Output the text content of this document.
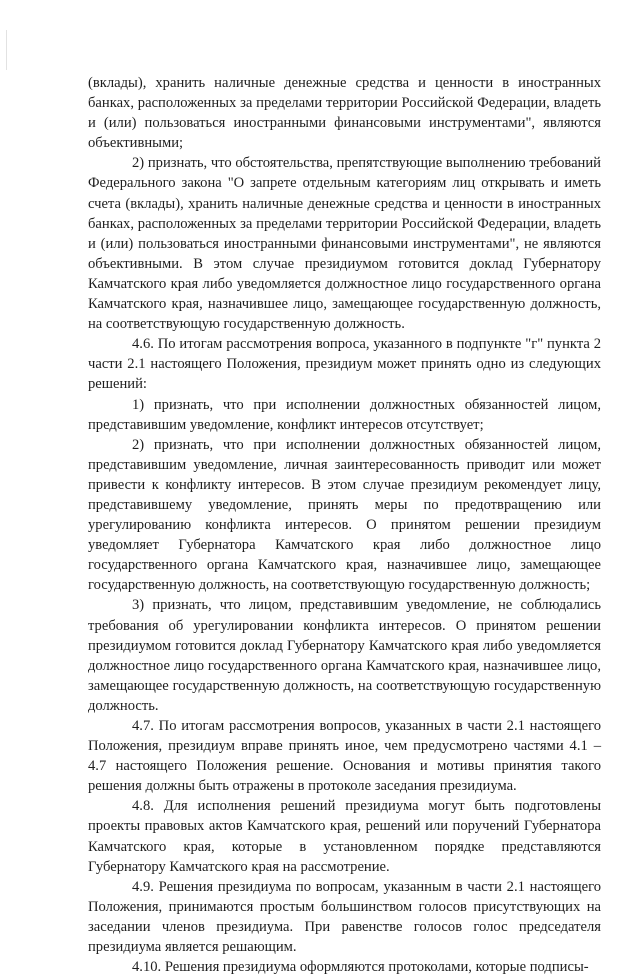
(вклады), хранить наличные денежные средства и ценности в иностранных банках, расположенных за пределами территории Российской Федерации, владеть и (или) пользоваться иностранными финансовыми инструментами", являются объективными;

2) признать, что обстоятельства, препятствующие выполнению требований Федерального закона "О запрете отдельным категориям лиц открывать и иметь счета (вклады), хранить наличные денежные средства и ценности в иностранных банках, расположенных за пределами территории Российской Федерации, владеть и (или) пользоваться иностранными финансовыми инструментами", не являются объективными. В этом случае президиумом готовится доклад Губернатору Камчатского края либо уведомляется должностное лицо государственного органа Камчатского края, назначившее лицо, замещающее государственную должность, на соответствующую государственную должность.

4.6. По итогам рассмотрения вопроса, указанного в подпункте "г" пункта 2 части 2.1 настоящего Положения, президиум может принять одно из следующих решений:

1) признать, что при исполнении должностных обязанностей лицом, представившим уведомление, конфликт интересов отсутствует;

2) признать, что при исполнении должностных обязанностей лицом, представившим уведомление, личная заинтересованность приводит или может привести к конфликту интересов. В этом случае президиум рекомендует лицу, представившему уведомление, принять меры по предотвращению или урегулированию конфликта интересов. О принятом решении президиум уведомляет Губернатора Камчатского края либо должностное лицо государственного органа Камчатского края, назначившее лицо, замещающее государственную должность, на соответствующую государственную должность;

3) признать, что лицом, представившим уведомление, не соблюдались требования об урегулировании конфликта интересов. О принятом решении президиумом готовится доклад Губернатору Камчатского края либо уведомляется должностное лицо государственного органа Камчатского края, назначившее лицо, замещающее государственную должность, на соответствующую государственную должность.

4.7. По итогам рассмотрения вопросов, указанных в части 2.1 настоящего Положения, президиум вправе принять иное, чем предусмотрено частями 4.1 – 4.7 настоящего Положения решение. Основания и мотивы принятия такого решения должны быть отражены в протоколе заседания президиума.

4.8. Для исполнения решений президиума могут быть подготовлены проекты правовых актов Камчатского края, решений или поручений Губернатора Камчатского края, которые в установленном порядке представляются Губернатору Камчатского края на рассмотрение.

4.9. Решения президиума по вопросам, указанным в части 2.1 настоящего Положения, принимаются простым большинством голосов присутствующих на заседании членов президиума. При равенстве голосов голос председателя президиума является решающим.

4.10. Решения президиума оформляются протоколами, которые подписы-
